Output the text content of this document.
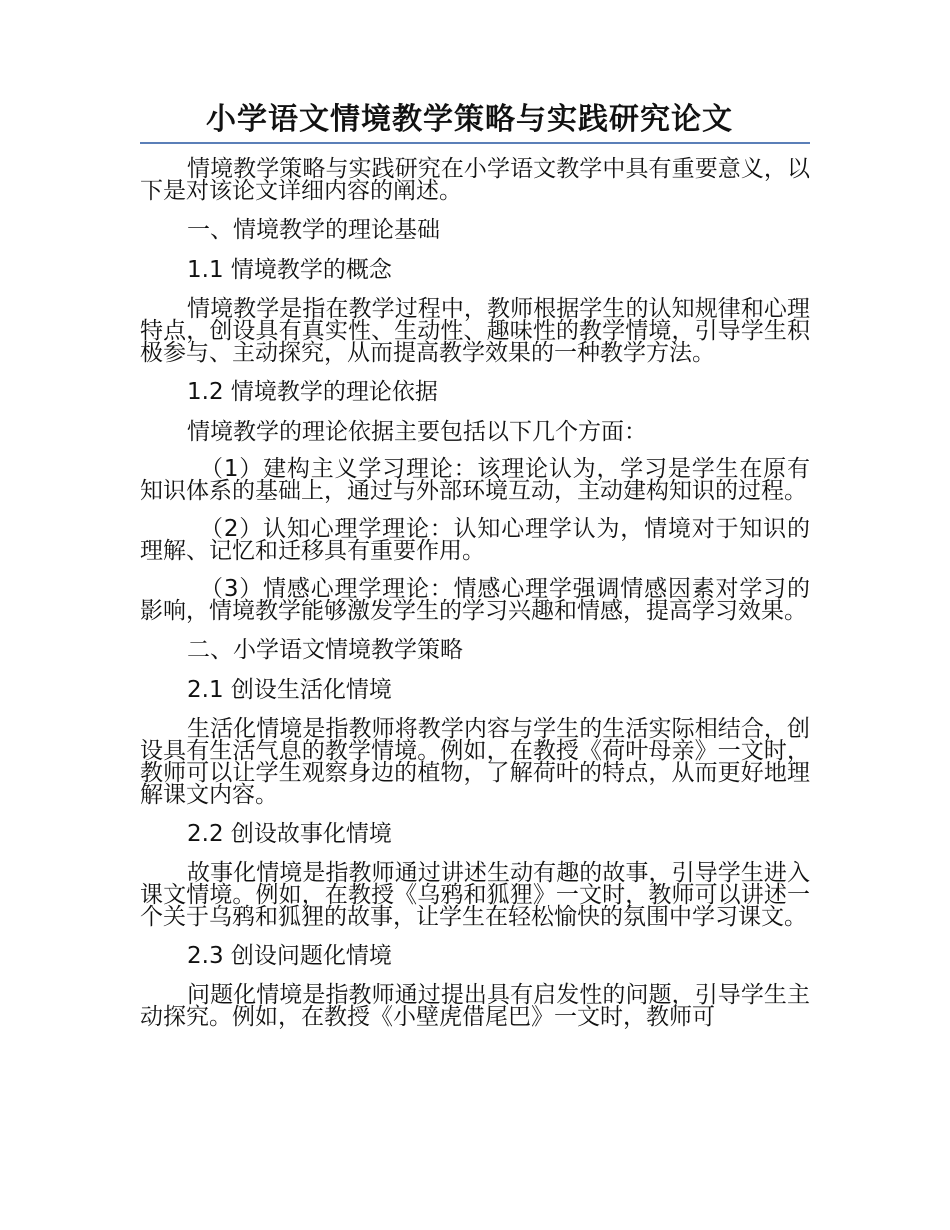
小学语文情境教学策略与实践研究论文

情境教学策略与实践研究在小学语文教学中具有重要意义，以下是对该论文详细内容的阐述。

一、情境教学的理论基础
1.1 情境教学的概念

情境教学是指在教学过程中，教师根据学生的认知规律和心理特点，创设具有真实性、生动性、趣味性的教学情境，引导学生积极参与、主动探究，从而提高教学效果的一种教学方法。

1.2 情境教学的理论依据
情境教学的理论依据主要包括以下几个方面：

（1）建构主义学习理论：该理论认为，学习是学生在原有知识体系的基础上，通过与外部环境互动，主动建构知识的过程。

（2）认知心理学理论：认知心理学认为，情境对于知识的理解、记忆和迁移具有重要作用。

（3）情感心理学理论：情感心理学强调情感因素对学习的影响，情境教学能够激发学生的学习兴趣和情感，提高学习效果。

二、小学语文情境教学策略
2.1 创设生活化情境

生活化情境是指教师将教学内容与学生的生活实际相结合，创设具有生活气息的教学情境。例如，在教授《荷叶母亲》一文时，教师可以让学生观察身边的植物，了解荷叶的特点，从而更好地理解课文内容。

2.2 创设故事化情境

故事化情境是指教师通过讲述生动有趣的故事，引导学生进入课文情境。例如，在教授《乌鸦和狐狸》一文时，教师可以讲述一个关于乌鸦和狐狸的故事，让学生在轻松愉快的氛围中学习课文。

2.3 创设问题化情境

问题化情境是指教师通过提出具有启发性的问题，引导学生主动探究。例如，在教授《小壁虎借尾巴》一文时，教师可
